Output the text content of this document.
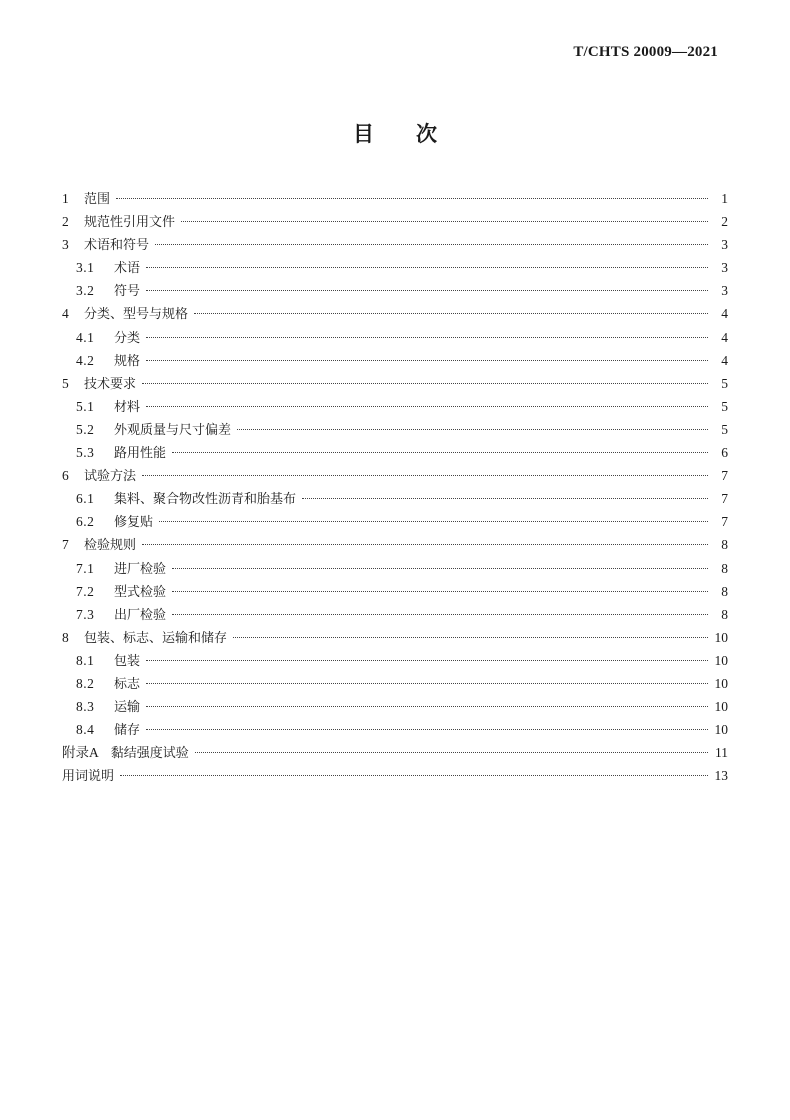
T/CHTS 20009—2021
目 次
1	范围	1
2	规范性引用文件	2
3	术语和符号	3
3.1	术语	3
3.2	符号	3
4	分类、型号与规格	4
4.1	分类	4
4.2	规格	4
5	技术要求	5
5.1	材料	5
5.2	外观质量与尺寸偏差	5
5.3	路用性能	6
6	试验方法	7
6.1	集料、聚合物改性沥青和胎基布	7
6.2	修复贴	7
7	检验规则	8
7.1	进厂检验	8
7.2	型式检验	8
7.3	出厂检验	8
8	包装、标志、运输和储存	10
8.1	包装	10
8.2	标志	10
8.3	运输	10
8.4	储存	10
附录A 黏结强度试验	11
用词说明	13
